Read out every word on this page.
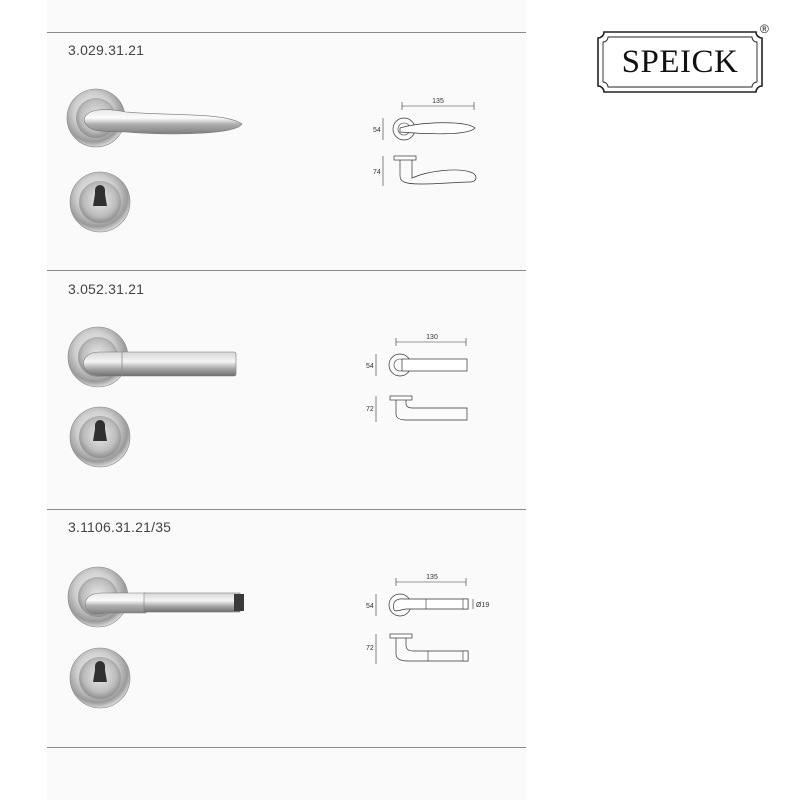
3.029.31.21
135
54
74
3.052.31.21
130
54
72
3.1106.31.21/35
135
54	Ø19
72
SPEICK
®
